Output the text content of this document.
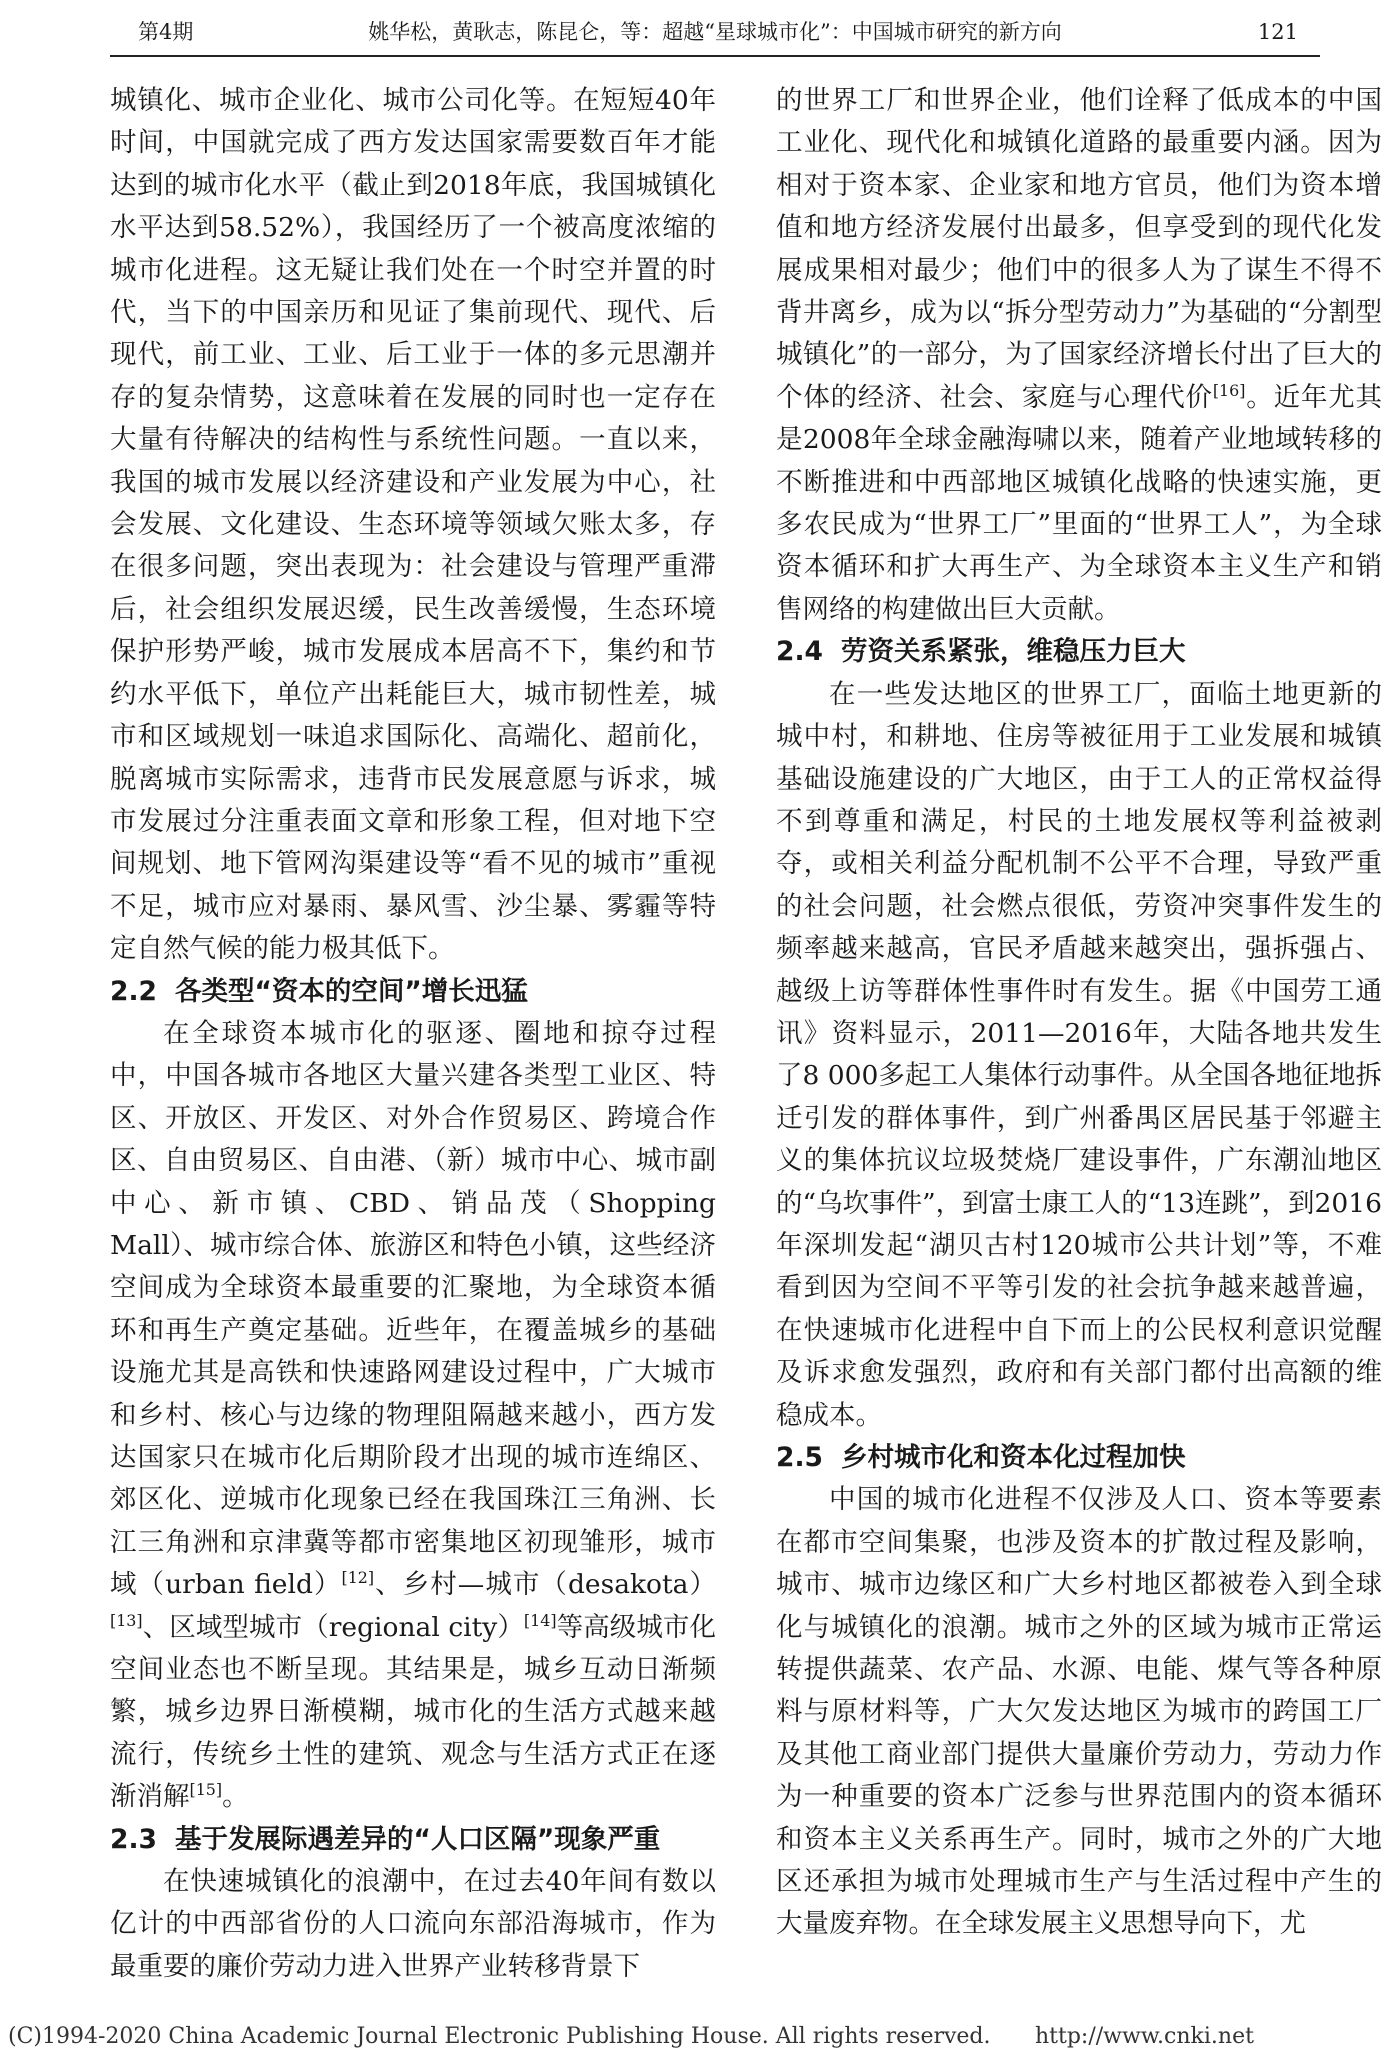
第4期	姚华松，黄耿志，陈昆仑，等：超越“星球城市化”：中国城市研究的新方向	121

城镇化、城市企业化、城市公司化等。在短短40年时间，中国就完成了西方发达国家需要数百年才能达到的城市化水平（截止到2018年底，我国城镇化水平达到58.52%），我国经历了一个被高度浓缩的城市化进程。这无疑让我们处在一个时空并置的时代，当下的中国亲历和见证了集前现代、现代、后现代，前工业、工业、后工业于一体的多元思潮并存的复杂情势，这意味着在发展的同时也一定存在大量有待解决的结构性与系统性问题。一直以来，我国的城市发展以经济建设和产业发展为中心，社会发展、文化建设、生态环境等领域欠账太多，存在很多问题，突出表现为：社会建设与管理严重滞后，社会组织发展迟缓，民生改善缓慢，生态环境保护形势严峻，城市发展成本居高不下，集约和节约水平低下，单位产出耗能巨大，城市韧性差，城市和区域规划一味追求国际化、高端化、超前化，脱离城市实际需求，违背市民发展意愿与诉求，城市发展过分注重表面文章和形象工程，但对地下空间规划、地下管网沟渠建设等“看不见的城市”重视不足，城市应对暴雨、暴风雪、沙尘暴、雾霾等特定自然气候的能力极其低下。

2.2 各类型“资本的空间”增长迅猛

在全球资本城市化的驱逐、圈地和掠夺过程中，中国各城市各地区大量兴建各类型工业区、特区、开放区、开发区、对外合作贸易区、跨境合作区、自由贸易区、自由港、（新）城市中心、城市副中心、新市镇、CBD、销品茂（Shopping Mall）、城市综合体、旅游区和特色小镇，这些经济空间成为全球资本最重要的汇聚地，为全球资本循环和再生产奠定基础。近些年，在覆盖城乡的基础设施尤其是高铁和快速路网建设过程中，广大城市和乡村、核心与边缘的物理阻隔越来越小，西方发达国家只在城市化后期阶段才出现的城市连绵区、郊区化、逆城市化现象已经在我国珠江三角洲、长江三角洲和京津冀等都市密集地区初现雏形，城市域（urban field）[12]、乡村—城市（desakota）[13]、区域型城市（regional city）[14]等高级城市化空间业态也不断呈现。其结果是，城乡互动日渐频繁，城乡边界日渐模糊，城市化的生活方式越来越流行，传统乡土性的建筑、观念与生活方式正在逐渐消解[15]。

2.3 基于发展际遇差异的“人口区隔”现象严重

在快速城镇化的浪潮中，在过去40年间有数以亿计的中西部省份的人口流向东部沿海城市，作为最重要的廉价劳动力进入世界产业转移背景下

的世界工厂和世界企业，他们诠释了低成本的中国工业化、现代化和城镇化道路的最重要内涵。因为相对于资本家、企业家和地方官员，他们为资本增值和地方经济发展付出最多，但享受到的现代化发展成果相对最少；他们中的很多人为了谋生不得不背井离乡，成为以“拆分型劳动力”为基础的“分割型城镇化”的一部分，为了国家经济增长付出了巨大的个体的经济、社会、家庭与心理代价[16]。近年尤其是2008年全球金融海啸以来，随着产业地域转移的不断推进和中西部地区城镇化战略的快速实施，更多农民成为“世界工厂”里面的“世界工人”，为全球资本循环和扩大再生产、为全球资本主义生产和销售网络的构建做出巨大贡献。

2.4 劳资关系紧张，维稳压力巨大

在一些发达地区的世界工厂，面临土地更新的城中村，和耕地、住房等被征用于工业发展和城镇基础设施建设的广大地区，由于工人的正常权益得不到尊重和满足，村民的土地发展权等利益被剥夺，或相关利益分配机制不公平不合理，导致严重的社会问题，社会燃点很低，劳资冲突事件发生的频率越来越高，官民矛盾越来越突出，强拆强占、越级上访等群体性事件时有发生。据《中国劳工通讯》资料显示，2011—2016年，大陆各地共发生了8 000多起工人集体行动事件。从全国各地征地拆迁引发的群体事件，到广州番禺区居民基于邻避主义的集体抗议垃圾焚烧厂建设事件，广东潮汕地区的“乌坎事件”，到富士康工人的“13连跳”，到2016年深圳发起“湖贝古村120城市公共计划”等，不难看到因为空间不平等引发的社会抗争越来越普遍，在快速城市化进程中自下而上的公民权利意识觉醒及诉求愈发强烈，政府和有关部门都付出高额的维稳成本。

2.5 乡村城市化和资本化过程加快

中国的城市化进程不仅涉及人口、资本等要素在都市空间集聚，也涉及资本的扩散过程及影响，城市、城市边缘区和广大乡村地区都被卷入到全球化与城镇化的浪潮。城市之外的区域为城市正常运转提供蔬菜、农产品、水源、电能、煤气等各种原料与原材料等，广大欠发达地区为城市的跨国工厂及其他工商业部门提供大量廉价劳动力，劳动力作为一种重要的资本广泛参与世界范围内的资本循环和资本主义关系再生产。同时，城市之外的广大地区还承担为城市处理城市生产与生活过程中产生的大量废弃物。在全球发展主义思想导向下，尤

(C)1994-2020 China Academic Journal Electronic Publishing House. All rights reserved. http://www.cnki.net
